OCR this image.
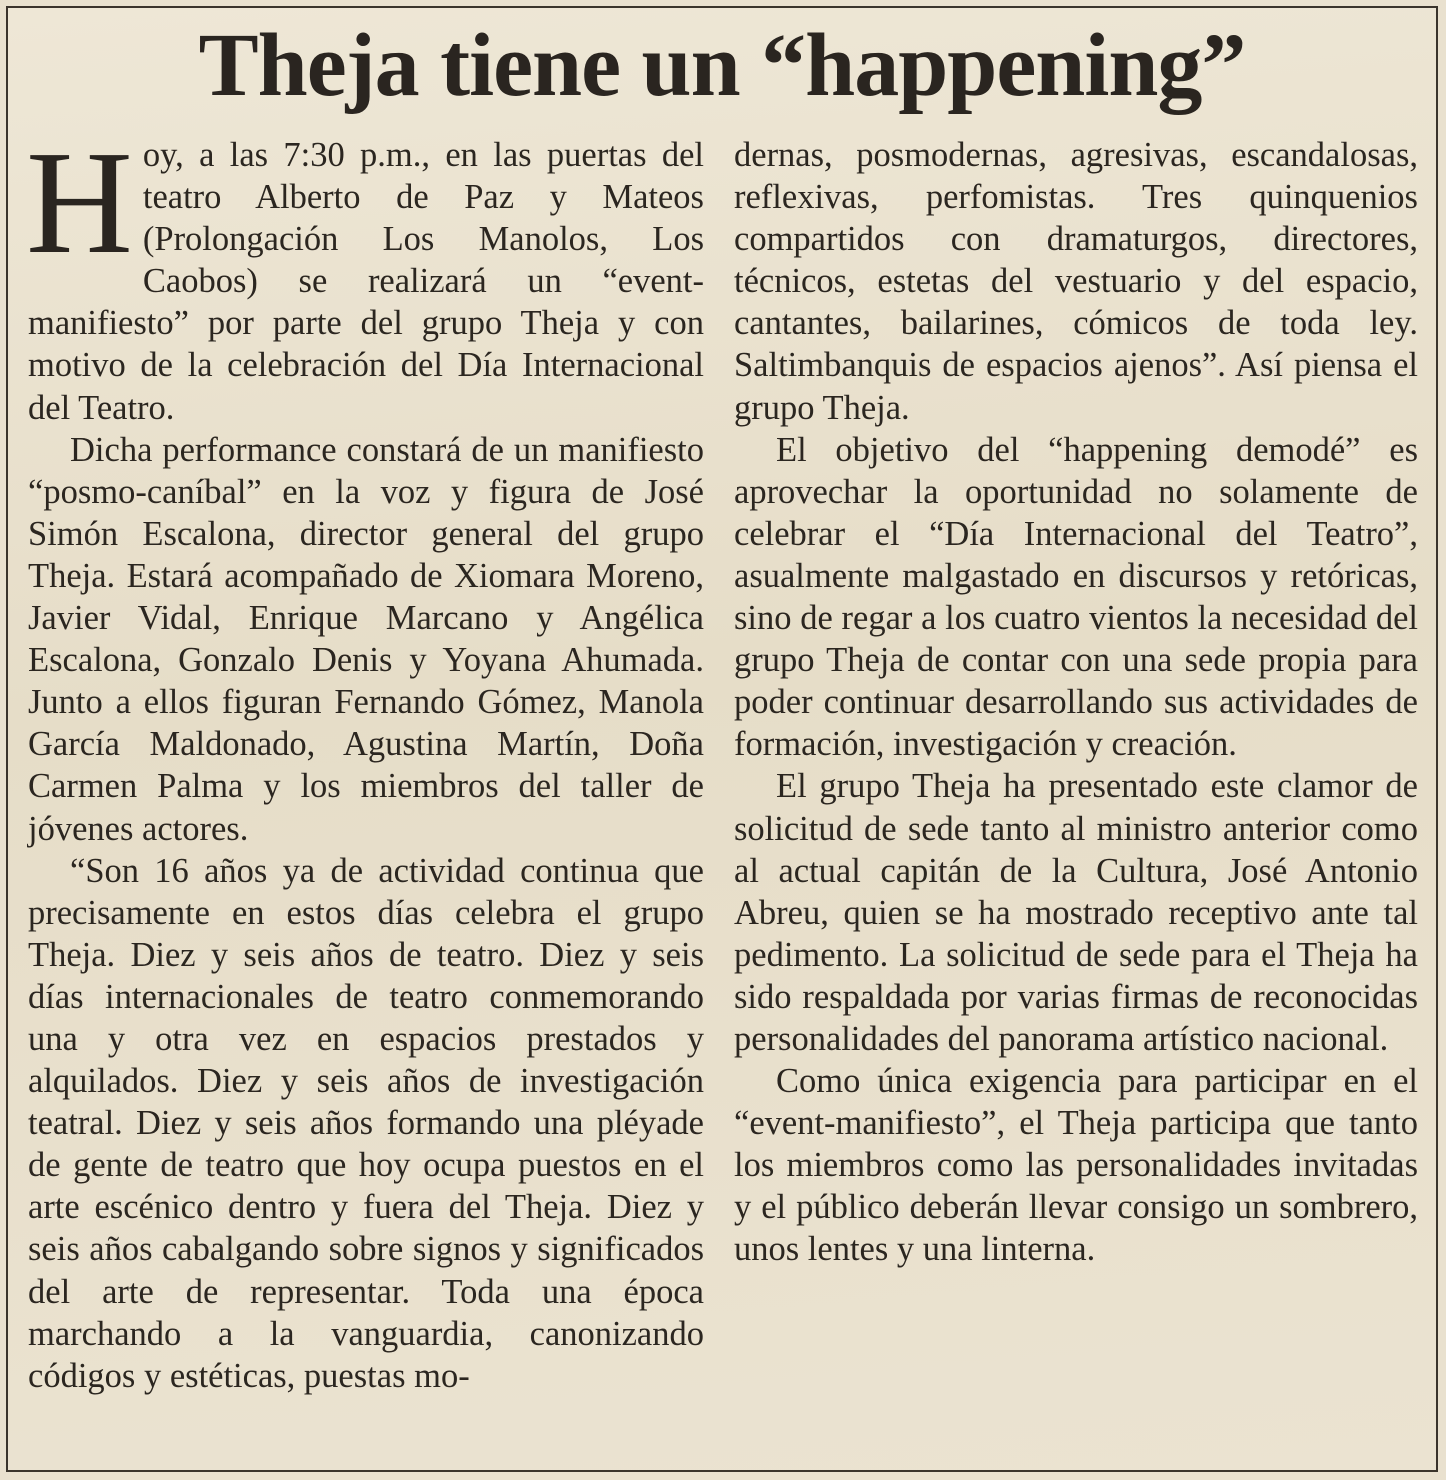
Theja tiene un “happening”

Hoy, a las 7:30 p.m., en las puertas del teatro Alberto de Paz y Mateos (Prolongación Los Manolos, Los Caobos) se realizará un “event-manifiesto” por parte del grupo Theja y con motivo de la celebración del Día Internacional del Teatro.

Dicha performance constará de un manifiesto “posmo-caníbal” en la voz y figura de José Simón Escalona, director general del grupo Theja. Estará acompañado de Xiomara Moreno, Javier Vidal, Enrique Marcano y Angélica Escalona, Gonzalo Denis y Yoyana Ahumada. Junto a ellos figuran Fernando Gómez, Manola García Maldonado, Agustina Martín, Doña Carmen Palma y los miembros del taller de jóvenes actores.

“Son 16 años ya de actividad continua que precisamente en estos días celebra el grupo Theja. Diez y seis años de teatro. Diez y seis días internacionales de teatro conmemorando una y otra vez en espacios prestados y alquilados. Diez y seis años de investigación teatral. Diez y seis años formando una pléyade de gente de teatro que hoy ocupa puestos en el arte escénico dentro y fuera del Theja. Diez y seis años cabalgando sobre signos y significados del arte de representar. Toda una época marchando a la vanguardia, canonizando códigos y estéticas, puestas mo-

dernas, posmodernas, agresivas, escandalosas, reflexivas, perfomistas. Tres quinquenios compartidos con dramaturgos, directores, técnicos, estetas del vestuario y del espacio, cantantes, bailarines, cómicos de toda ley. Saltimbanquis de espacios ajenos”. Así piensa el grupo Theja.

El objetivo del “happening demodé” es aprovechar la oportunidad no solamente de celebrar el “Día Internacional del Teatro”, asualmente malgastado en discursos y retóricas, sino de regar a los cuatro vientos la necesidad del grupo Theja de contar con una sede propia para poder continuar desarrollando sus actividades de formación, investigación y creación.

El grupo Theja ha presentado este clamor de solicitud de sede tanto al ministro anterior como al actual capitán de la Cultura, José Antonio Abreu, quien se ha mostrado receptivo ante tal pedimento. La solicitud de sede para el Theja ha sido respaldada por varias firmas de reconocidas personalidades del panorama artístico nacional.

Como única exigencia para participar en el “event-manifiesto”, el Theja participa que tanto los miembros como las personalidades invitadas y el público deberán llevar consigo un sombrero, unos lentes y una linterna.
